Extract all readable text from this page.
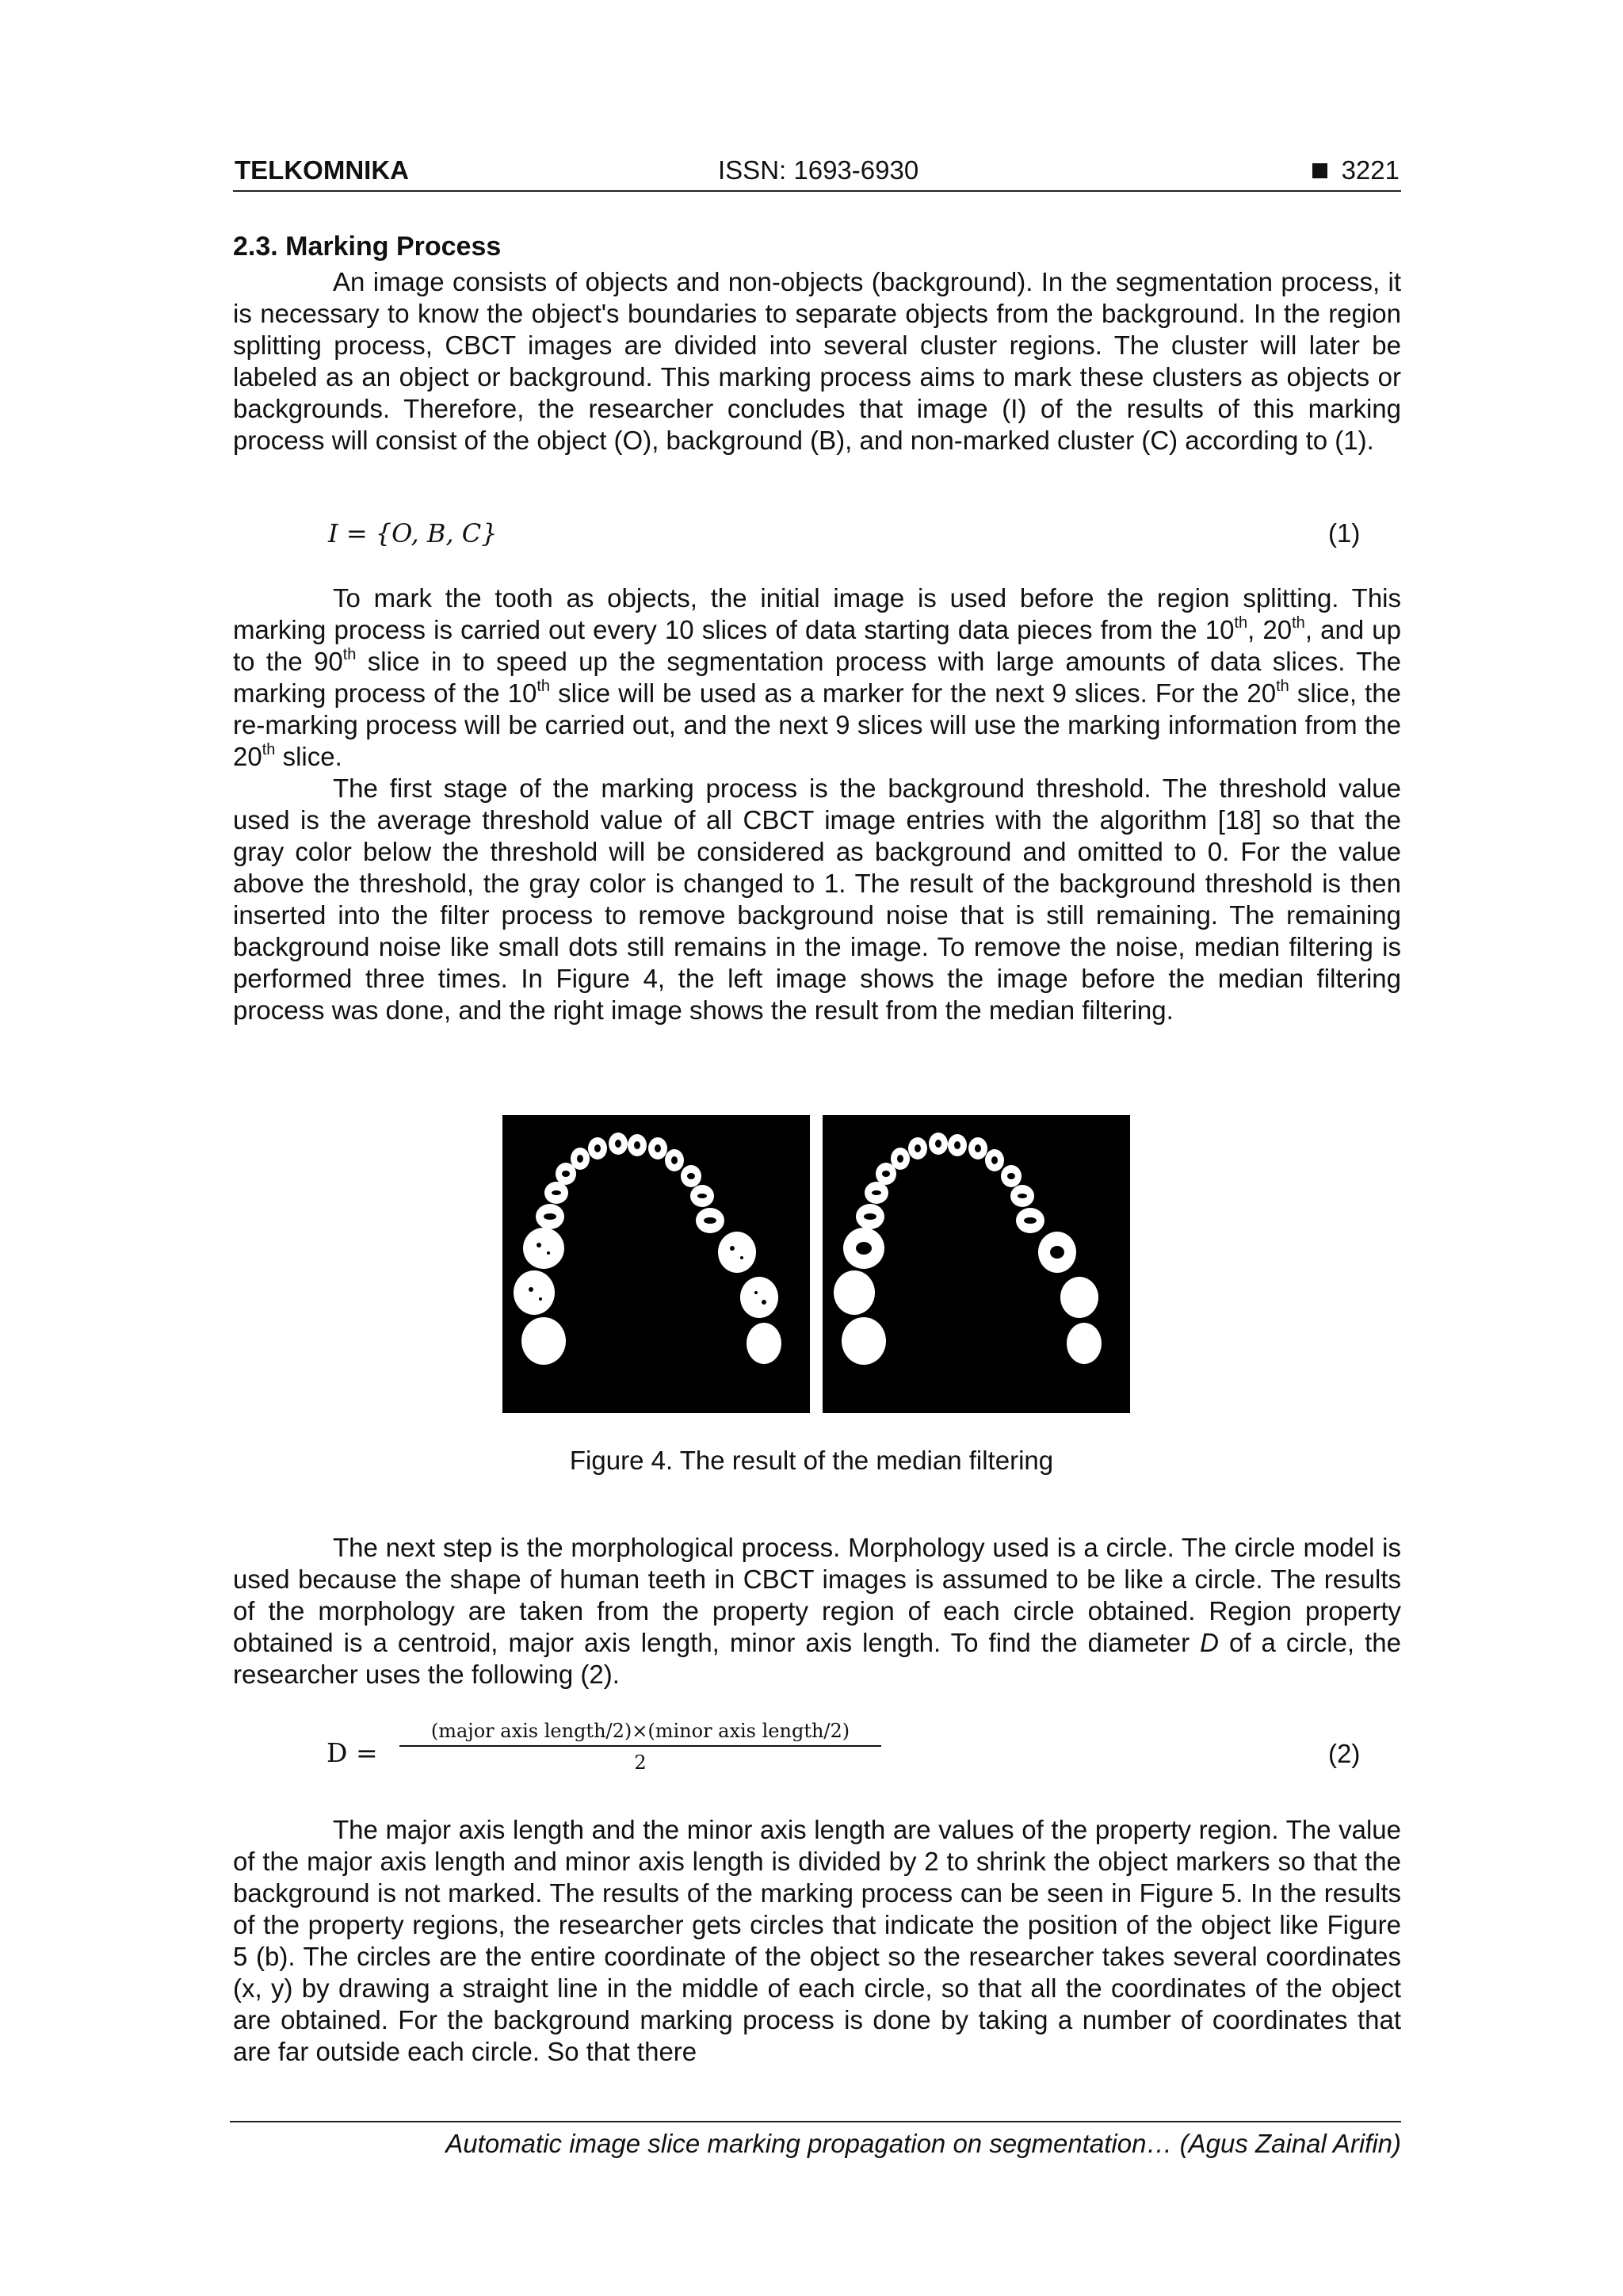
TELKOMNIKA	ISSN: 1693-6930	3221
2.3. Marking Process

An image consists of objects and non-objects (background). In the segmentation process, it is necessary to know the object's boundaries to separate objects from the background. In the region splitting process, CBCT images are divided into several cluster regions. The cluster will later be labeled as an object or background. This marking process aims to mark these clusters as objects or backgrounds. Therefore, the researcher concludes that image (I) of the results of this marking process will consist of the object (O), background (B), and non-marked cluster (C) according to (1).

I = {O, B, C}	(1)

To mark the tooth as objects, the initial image is used before the region splitting. This marking process is carried out every 10 slices of data starting data pieces from the 10th, 20th, and up to the 90th slice in to speed up the segmentation process with large amounts of data slices. The marking process of the 10th slice will be used as a marker for the next 9 slices. For the 20th slice, the re-marking process will be carried out, and the next 9 slices will use the marking information from the 20th slice.

The first stage of the marking process is the background threshold. The threshold value used is the average threshold value of all CBCT image entries with the algorithm [18] so that the gray color below the threshold will be considered as background and omitted to 0. For the value above the threshold, the gray color is changed to 1. The result of the background threshold is then inserted into the filter process to remove background noise that is still remaining. The remaining background noise like small dots still remains in the image. To remove the noise, median filtering is performed three times. In Figure 4, the left image shows the image before the median filtering process was done, and the right image shows the result from the median filtering.

Figure 4. The result of the median filtering

The next step is the morphological process. Morphology used is a circle. The circle model is used because the shape of human teeth in CBCT images is assumed to be like a circle. The results of the morphology are taken from the property region of each circle obtained. Region property obtained is a centroid, major axis length, minor axis length. To find the diameter D of a circle, the researcher uses the following (2).

D =
(major axis length/2)×(minor axis length/2)
2	(2)

The major axis length and the minor axis length are values of the property region. The value of the major axis length and minor axis length is divided by 2 to shrink the object markers so that the background is not marked. The results of the marking process can be seen in Figure 5. In the results of the property regions, the researcher gets circles that indicate the position of the object like Figure 5 (b). The circles are the entire coordinate of the object so the researcher takes several coordinates (x, y) by drawing a straight line in the middle of each circle, so that all the coordinates of the object are obtained. For the background marking process is done by taking a number of coordinates that are far outside each circle. So that there

Automatic image slice marking propagation on segmentation… (Agus Zainal Arifin)
